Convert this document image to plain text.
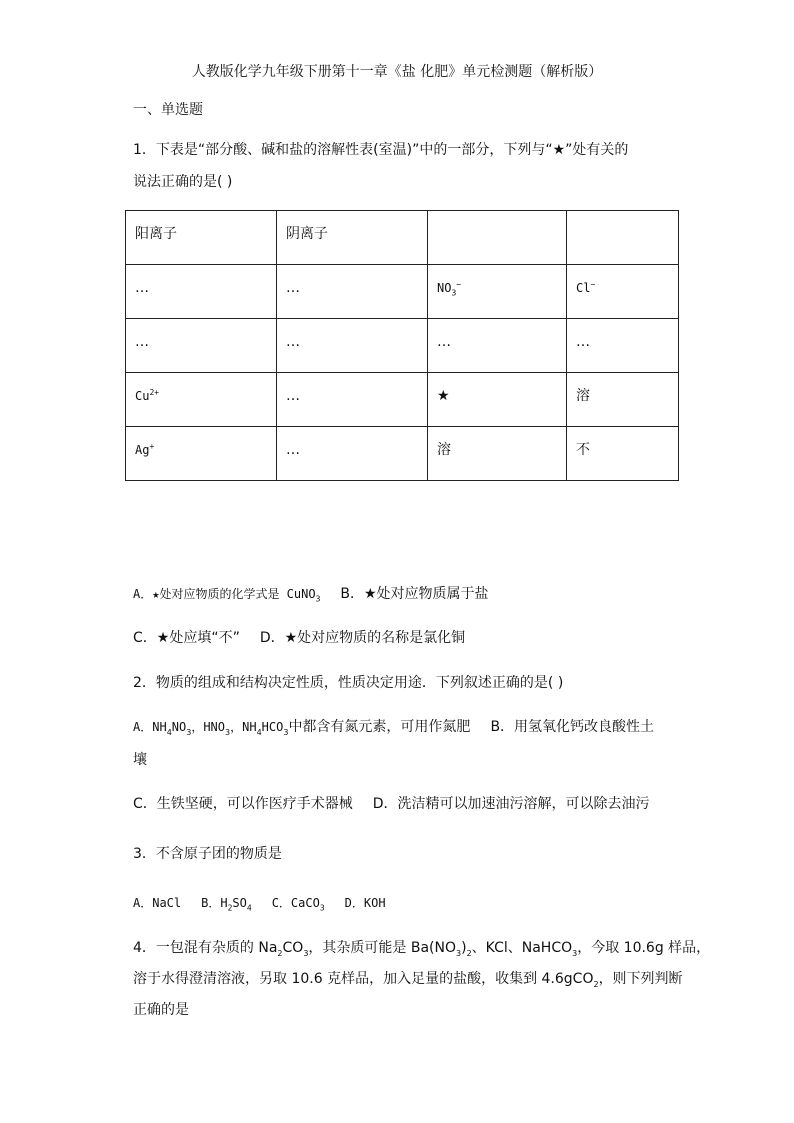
人教版化学九年级下册第十一章《盐 化肥》单元检测题（解析版）
一、单选题
1．下表是“部分酸、碱和盐的溶解性表(室温)”中的一部分，下列与“★”处有关的
说法正确的是( )
阳离子	阴离子		
…	…	$NO_3^-$	Cl−
…	…	…	…
$Cu^{2+}$	…	★	溶
Ag+	…	溶	不
A．★处对应物质的化学式是 CuNO$_3$ B．★处对应物质属于盐
C．★处应填“不” D．★处对应物质的名称是氯化铜
2．物质的组成和结构决定性质，性质决定用途．下列叙述正确的是( )
A．$NH_4NO_3$，$HNO_3$，$NH_4HCO_3$中都含有氮元素，可用作氮肥 B．用氢氧化钙改良酸性土
壤
C．生铁坚硬，可以作医疗手术器械 D．洗洁精可以加速油污溶解，可以除去油污
3．不含原子团的物质是
A．NaCl B．$H_2SO_4$ C．CaCO$_3$ D．KOH
4．一包混有杂质的 $Na_2CO_3$，其杂质可能是 $Ba(NO_3)_2$、KCl、NaHCO$_3$，今取 10.6g 样品，
溶于水得澄清溶液，另取 10.6 克样品，加入足量的盐酸，收集到 4.6gCO$_2$，则下列判断
正确的是
